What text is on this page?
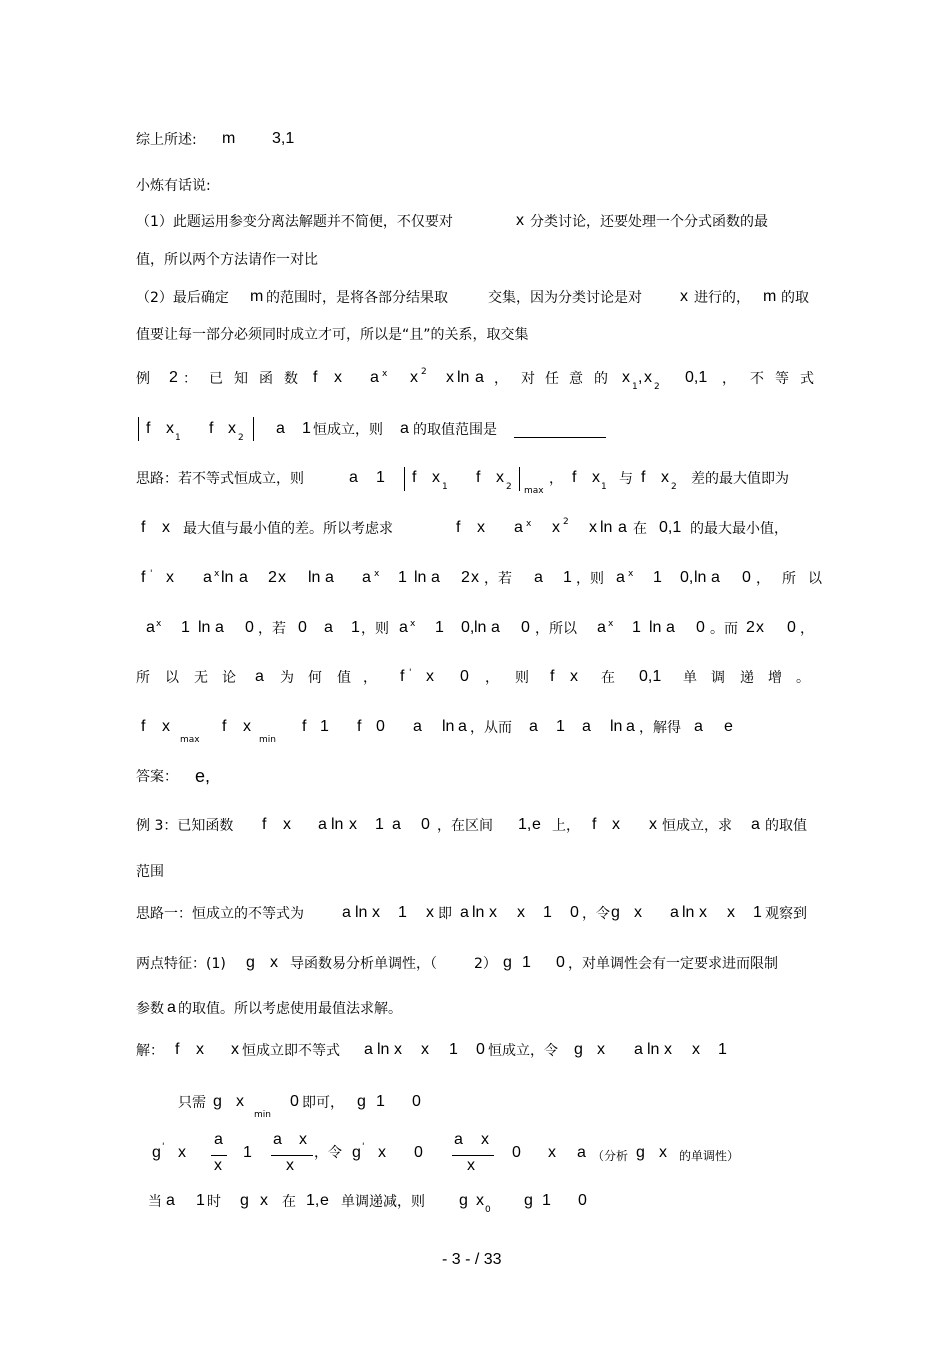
综上所述: m 3,1
小炼有话说:
（1）此题运用参变分离法解题并不简便，不仅要对	x 分类讨论，还要处理一个分式函数的最
值，所以两个方法请作一对比
（2）最后确定 m 的范围时，是将各部分结果取	交集，因为分类讨论是对 x 进行的， m 的取
值要让每一部分必须同时成立才可，所以是“且”的关系，取交集
例 2 ： 已 知 函 数 f x a x x 2 x ln a ， 对 任 意 的 x
1
, x
2
0,1 ， 不 等 式
f x
1
f x
2
a 1 恒成立，则 a 的取值范围是
思路：若不等式恒成立，则	a 1 f x
1
f x
2 max
， f x
1 与 f x
2 差的最大值即为
f x 最大值与最小值的差。所以考虑求	f x a x x 2 x ln a 在 0,1 的最大最小值，
f ' x a x ln a 2 x ln a a x 1 ln a 2 x ，若 a 1 ，则 a x 1 0, ln a 0 ，所以
a x 1 ln a 0 ，若 0 a 1 ，则 a x 1 0, ln a 0 ，所以 a x 1 ln a 0 。而 2 x 0 ，
所 以 无 论 a 为 何 值 ， f ' x 0 ， 则 f x 在 0,1 单 调 递 增 。
f x
max
f x
min
f 1 f 0 a ln a ，从而 a 1 a ln a ，解得 a e
答案： e,
例 3：已知函数 f x a ln x 1 a 0 ，在区间 1, e 上， f x x 恒成立，求 a 的取值
范围
思路一：恒成立的不等式为 a ln x 1 x 即 a ln x x 1 0 ，令 g x a ln x x 1 观察到
两点特征：(1) g x 导函数易分析单调性，（	2） g 1 0 ，对单调性会有一定要求进而限制
参数 a 的取值。所以考虑使用最值法求解。
解： f x x 恒成立即不等式 a ln x x 1 0 恒成立，令 g x a ln x x 1
只需 g x
min
0 即可， g 1 0
g ' x
a
x
1
a x
x
，令 g ' x 0
a x
x
0 x a （分析 g x 的单调性）
当 a 1 时 g x 在 1, e 单调递减，则 g x
0
g 1 0
- 3 - / 33
